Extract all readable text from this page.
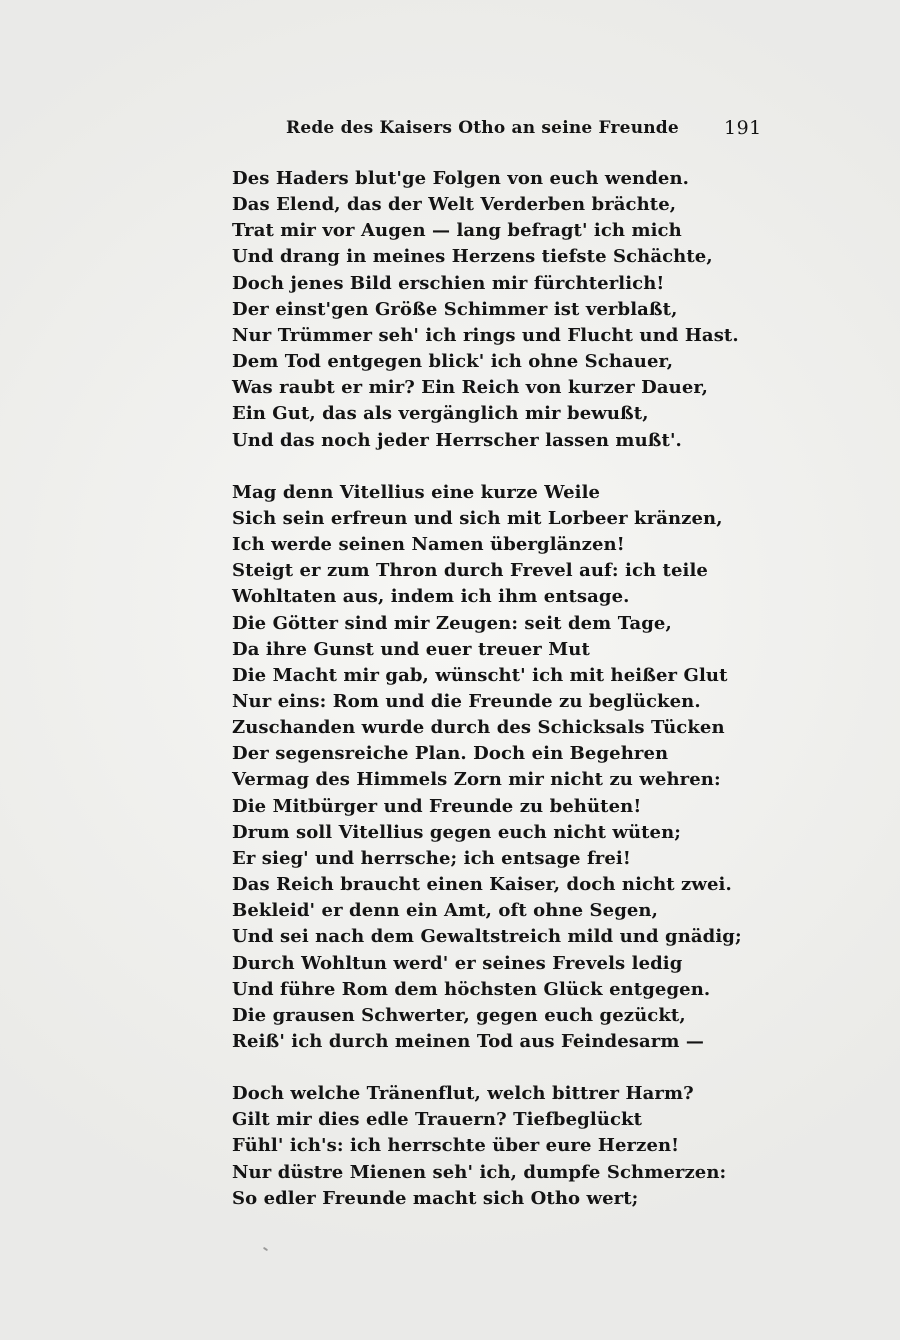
Rede des Kaisers Otho an seine Freunde 191
Des Haders blut'ge Folgen von euch wenden.
Das Elend, das der Welt Verderben brächte,
Trat mir vor Augen — lang befragt' ich mich
Und drang in meines Herzens tiefste Schächte,
Doch jenes Bild erschien mir fürchterlich!
Der einst'gen Größe Schimmer ist verblaßt,
Nur Trümmer seh' ich rings und Flucht und Hast.
Dem Tod entgegen blick' ich ohne Schauer,
Was raubt er mir? Ein Reich von kurzer Dauer,
Ein Gut, das als vergänglich mir bewußt,
Und das noch jeder Herrscher lassen mußt'.
Mag denn Vitellius eine kurze Weile
Sich sein erfreun und sich mit Lorbeer kränzen,
Ich werde seinen Namen überglänzen!
Steigt er zum Thron durch Frevel auf: ich teile
Wohltaten aus, indem ich ihm entsage.
Die Götter sind mir Zeugen: seit dem Tage,
Da ihre Gunst und euer treuer Mut
Die Macht mir gab, wünscht' ich mit heißer Glut
Nur eins: Rom und die Freunde zu beglücken.
Zuschanden wurde durch des Schicksals Tücken
Der segensreiche Plan. Doch ein Begehren
Vermag des Himmels Zorn mir nicht zu wehren:
Die Mitbürger und Freunde zu behüten!
Drum soll Vitellius gegen euch nicht wüten;
Er sieg' und herrsche; ich entsage frei!
Das Reich braucht einen Kaiser, doch nicht zwei.
Bekleid' er denn ein Amt, oft ohne Segen,
Und sei nach dem Gewaltstreich mild und gnädig;
Durch Wohltun werd' er seines Frevels ledig
Und führe Rom dem höchsten Glück entgegen.
Die grausen Schwerter, gegen euch gezückt,
Reiß' ich durch meinen Tod aus Feindesarm —
Doch welche Tränenflut, welch bittrer Harm?
Gilt mir dies edle Trauern? Tiefbeglückt
Fühl' ich's: ich herrschte über eure Herzen!
Nur düstre Mienen seh' ich, dumpfe Schmerzen:
So edler Freunde macht sich Otho wert;
